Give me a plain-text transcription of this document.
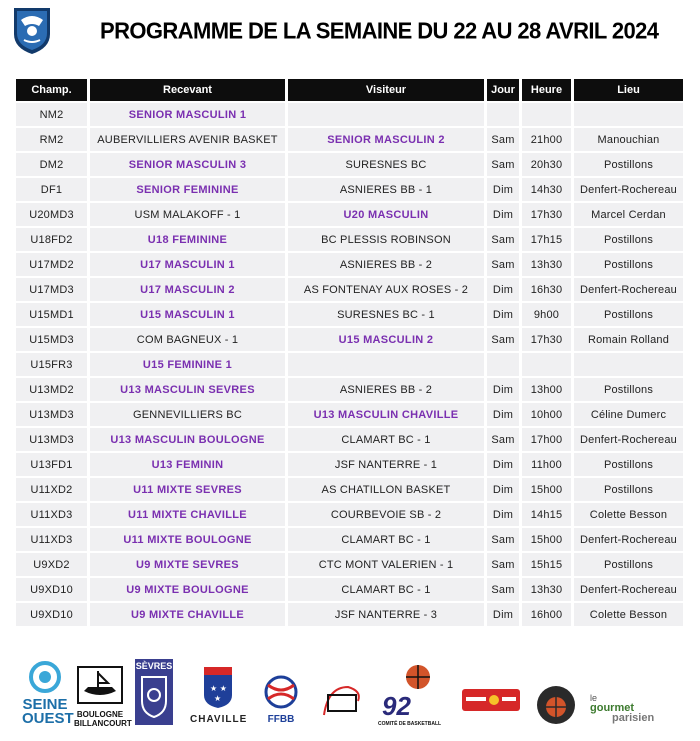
PROGRAMME DE LA SEMAINE DU 22 AU 28 AVRIL 2024
Champ.	Recevant	Visiteur	Jour	Heure	Lieu
NM2	SENIOR MASCULIN 1				
RM2	AUBERVILLIERS AVENIR BASKET	SENIOR MASCULIN 2	Sam	21h00	Manouchian
DM2	SENIOR MASCULIN 3	SURESNES BC	Sam	20h30	Postillons
DF1	SENIOR FEMININE	ASNIERES BB - 1	Dim	14h30	Denfert-Rochereau
U20MD3	USM MALAKOFF - 1	U20 MASCULIN	Dim	17h30	Marcel Cerdan
U18FD2	U18 FEMININE	BC PLESSIS ROBINSON	Sam	17h15	Postillons
U17MD2	U17 MASCULIN 1	ASNIERES BB - 2	Sam	13h30	Postillons
U17MD3	U17 MASCULIN 2	AS FONTENAY AUX ROSES - 2	Dim	16h30	Denfert-Rochereau
U15MD1	U15 MASCULIN 1	SURESNES BC - 1	Dim	9h00	Postillons
U15MD3	COM BAGNEUX - 1	U15 MASCULIN 2	Sam	17h30	Romain Rolland
U15FR3	U15 FEMININE 1				
U13MD2	U13 MASCULIN SEVRES	ASNIERES BB - 2	Dim	13h00	Postillons
U13MD3	GENNEVILLIERS BC	U13 MASCULIN CHAVILLE	Dim	10h00	Céline Dumerc
U13MD3	U13 MASCULIN BOULOGNE	CLAMART BC - 1	Sam	17h00	Denfert-Rochereau
U13FD1	U13 FEMININ	JSF NANTERRE - 1	Dim	11h00	Postillons
U11XD2	U11 MIXTE SEVRES	AS CHATILLON BASKET	Dim	15h00	Postillons
U11XD3	U11 MIXTE CHAVILLE	COURBEVOIE SB - 2	Dim	14h15	Colette Besson
U11XD3	U11 MIXTE BOULOGNE	CLAMART BC - 1	Sam	15h00	Denfert-Rochereau
U9XD2	U9 MIXTE SEVRES	CTC MONT VALERIEN - 1	Sam	15h15	Postillons
U9XD10	U9 MIXTE BOULOGNE	CLAMART BC - 1	Sam	13h30	Denfert-Rochereau
U9XD10	U9 MIXTE CHAVILLE	JSF NANTERRE - 3	Dim	16h00	Colette Besson
SEINE
OUEST BOULOGNE
BILLANCOURT
SÈVRES
★ ★
★
CHAVILLE	FFBB	92
COMITÉ DE BASKETBALL
le
gourmet
parisien
